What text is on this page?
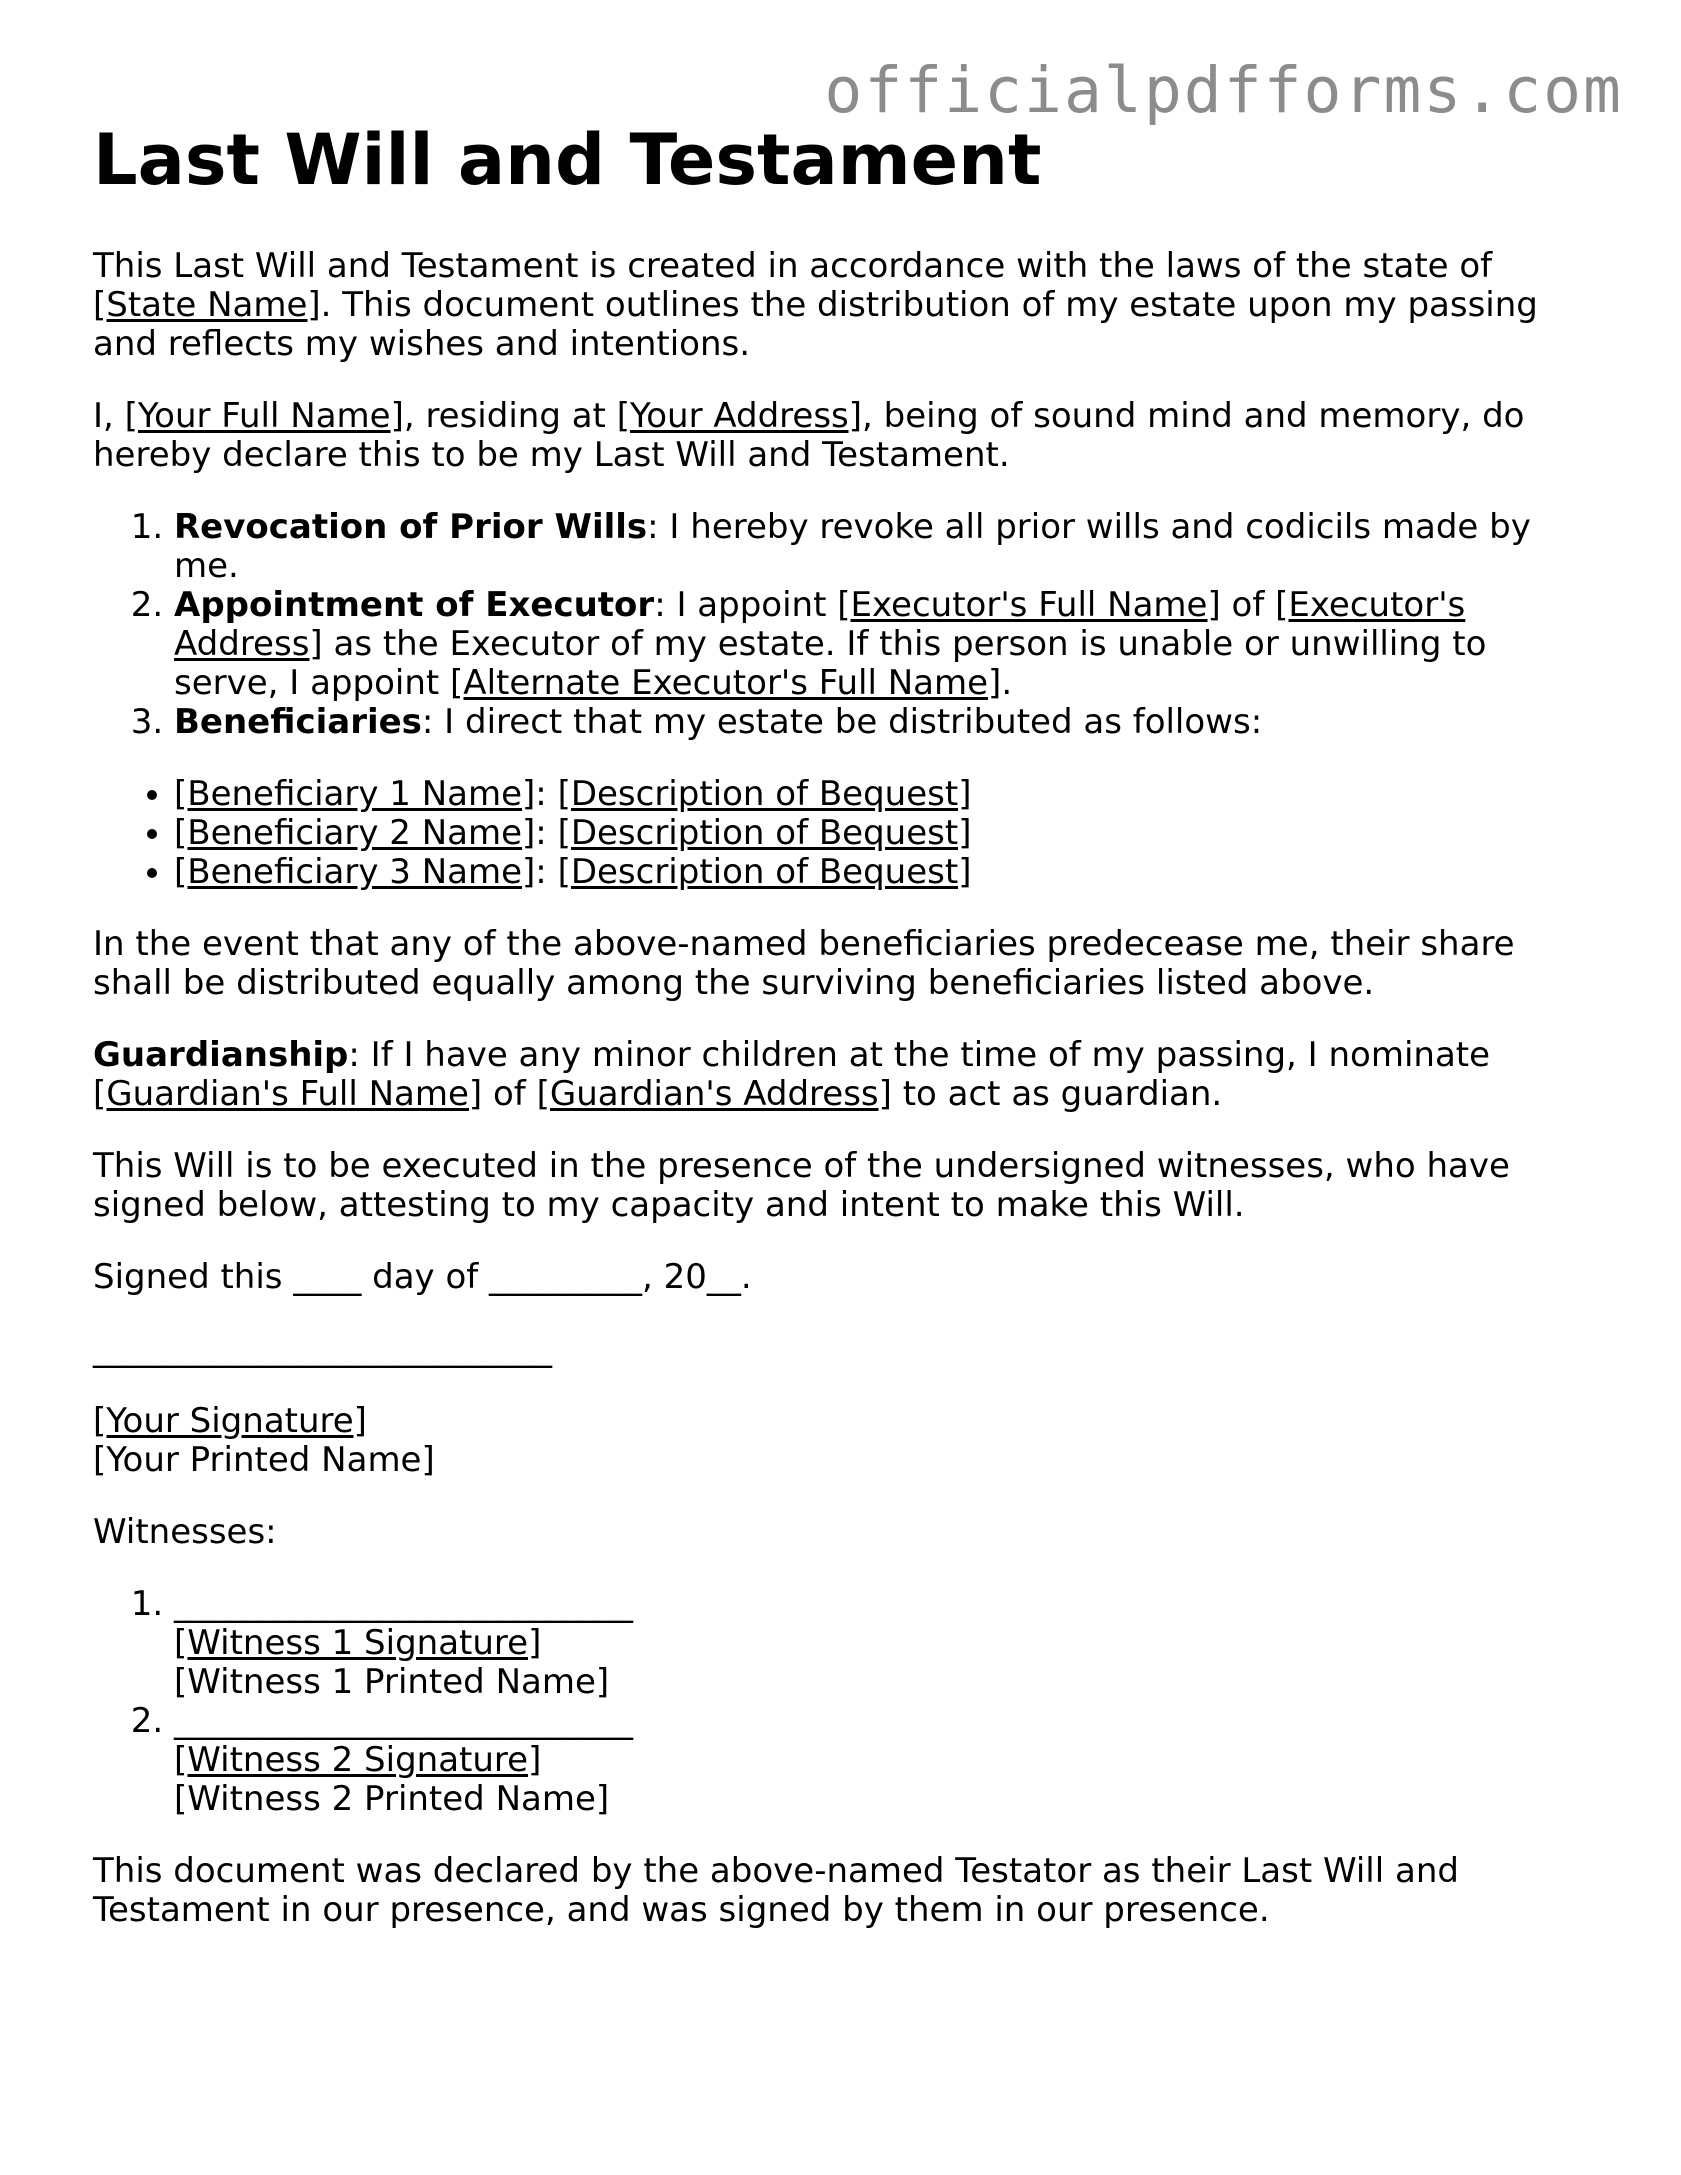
officialpdfforms.com
Last Will and Testament

This Last Will and Testament is created in accordance with the laws of the state of [State Name]. This document outlines the distribution of my estate upon my passing and reflects my wishes and intentions.

I, [Your Full Name], residing at [Your Address], being of sound mind and memory, do hereby declare this to be my Last Will and Testament.

1. Revocation of Prior Wills: I hereby revoke all prior wills and codicils made by me.
2. Appointment of Executor: I appoint [Executor's Full Name] of [Executor's Address] as the Executor of my estate. If this person is unable or unwilling to serve, I appoint [Alternate Executor's Full Name].
3. Beneficiaries: I direct that my estate be distributed as follows:
• [Beneficiary 1 Name]: [Description of Bequest]
• [Beneficiary 2 Name]: [Description of Bequest]
• [Beneficiary 3 Name]: [Description of Bequest]

In the event that any of the above-named beneficiaries predecease me, their share shall be distributed equally among the surviving beneficiaries listed above.

Guardianship: If I have any minor children at the time of my passing, I nominate [Guardian's Full Name] of [Guardian's Address] to act as guardian.

This Will is to be executed in the presence of the undersigned witnesses, who have signed below, attesting to my capacity and intent to make this Will.

Signed this ____ day of _________, 20__.

___________________________

[Your Signature]
[Your Printed Name]

Witnesses:

1. ___________________________
[Witness 1 Signature]
[Witness 1 Printed Name]
2. ___________________________
[Witness 2 Signature]
[Witness 2 Printed Name]

This document was declared by the above-named Testator as their Last Will and Testament in our presence, and was signed by them in our presence.
